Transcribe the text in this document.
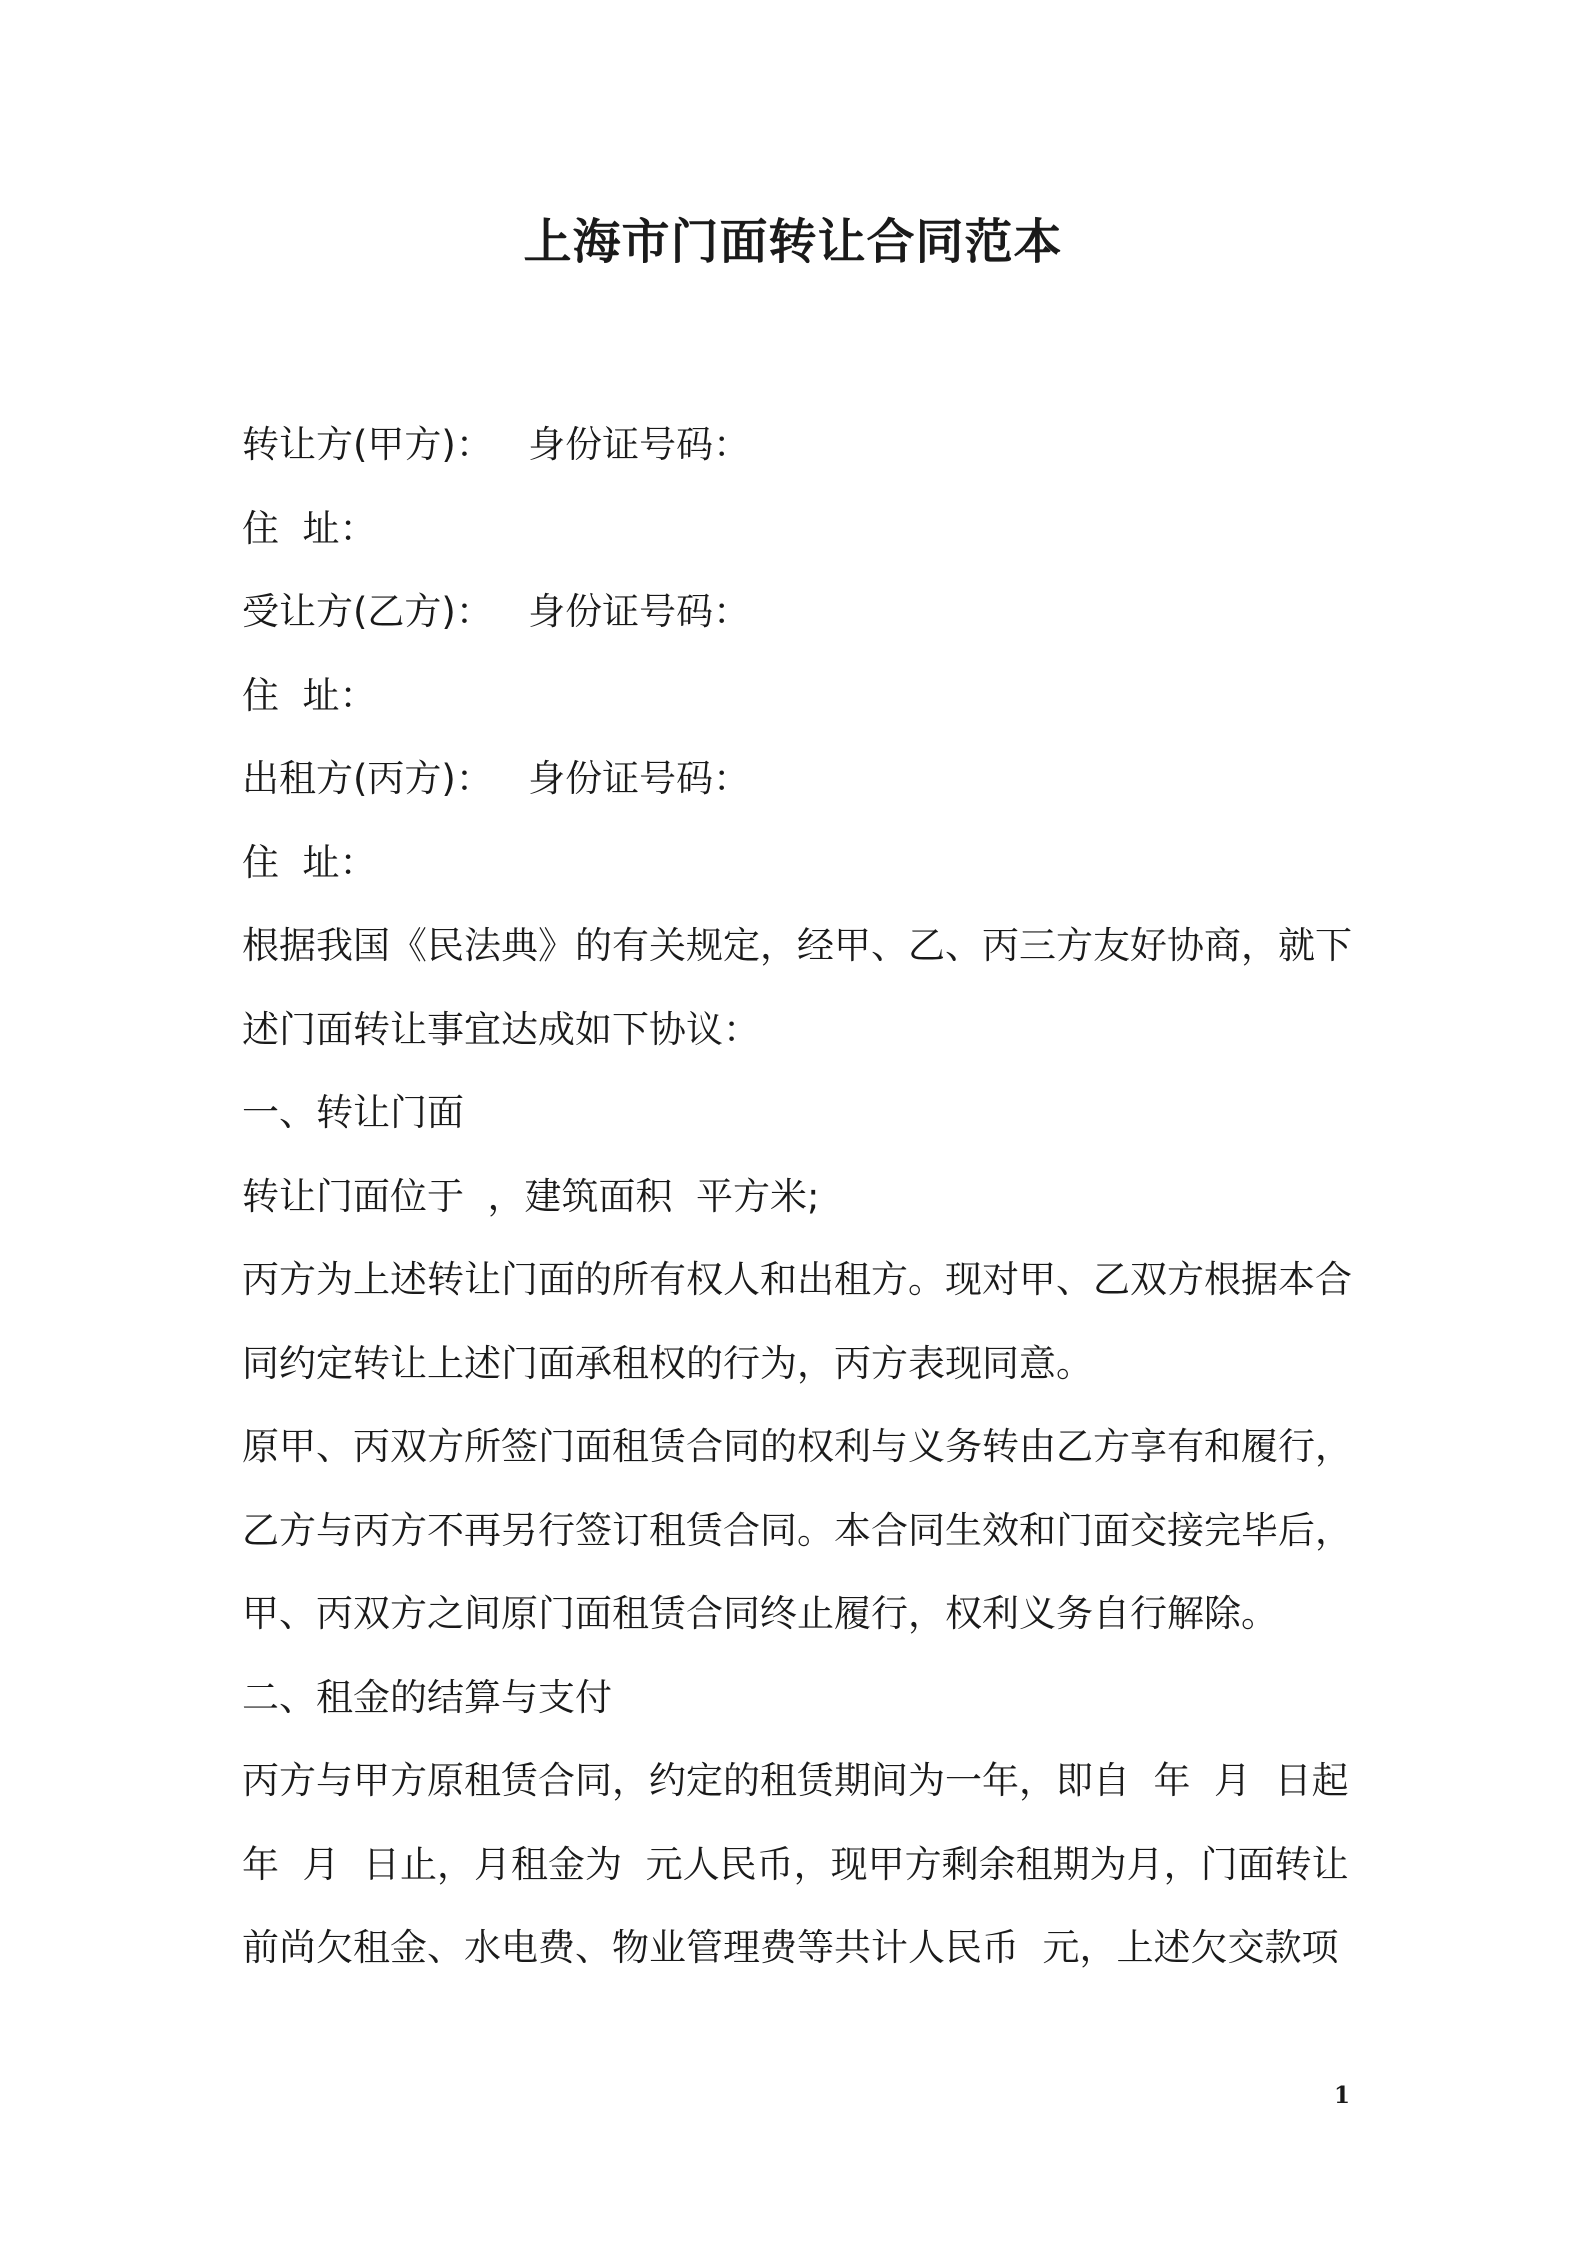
上海市门面转让合同范本
转让方(甲方)：   身份证号码：
住  址：
受让方(乙方)：   身份证号码：
住  址：
出租方(丙方)：   身份证号码：
住  址：
根据我国《民法典》的有关规定，经甲、乙、丙三方友好协商，就下
述门面转让事宜达成如下协议：
一、转让门面
转让门面位于  ，建筑面积  平方米;
丙方为上述转让门面的所有权人和出租方。现对甲、乙双方根据本合
同约定转让上述门面承租权的行为，丙方表现同意。
原甲、丙双方所签门面租赁合同的权利与义务转由乙方享有和履行，
乙方与丙方不再另行签订租赁合同。本合同生效和门面交接完毕后，
甲、丙双方之间原门面租赁合同终止履行，权利义务自行解除。
二、租金的结算与支付
丙方与甲方原租赁合同，约定的租赁期间为一年，即自  年  月  日起
年  月  日止，月租金为  元人民币，现甲方剩余租期为月，门面转让
前尚欠租金、水电费、物业管理费等共计人民币  元，上述欠交款项
1
